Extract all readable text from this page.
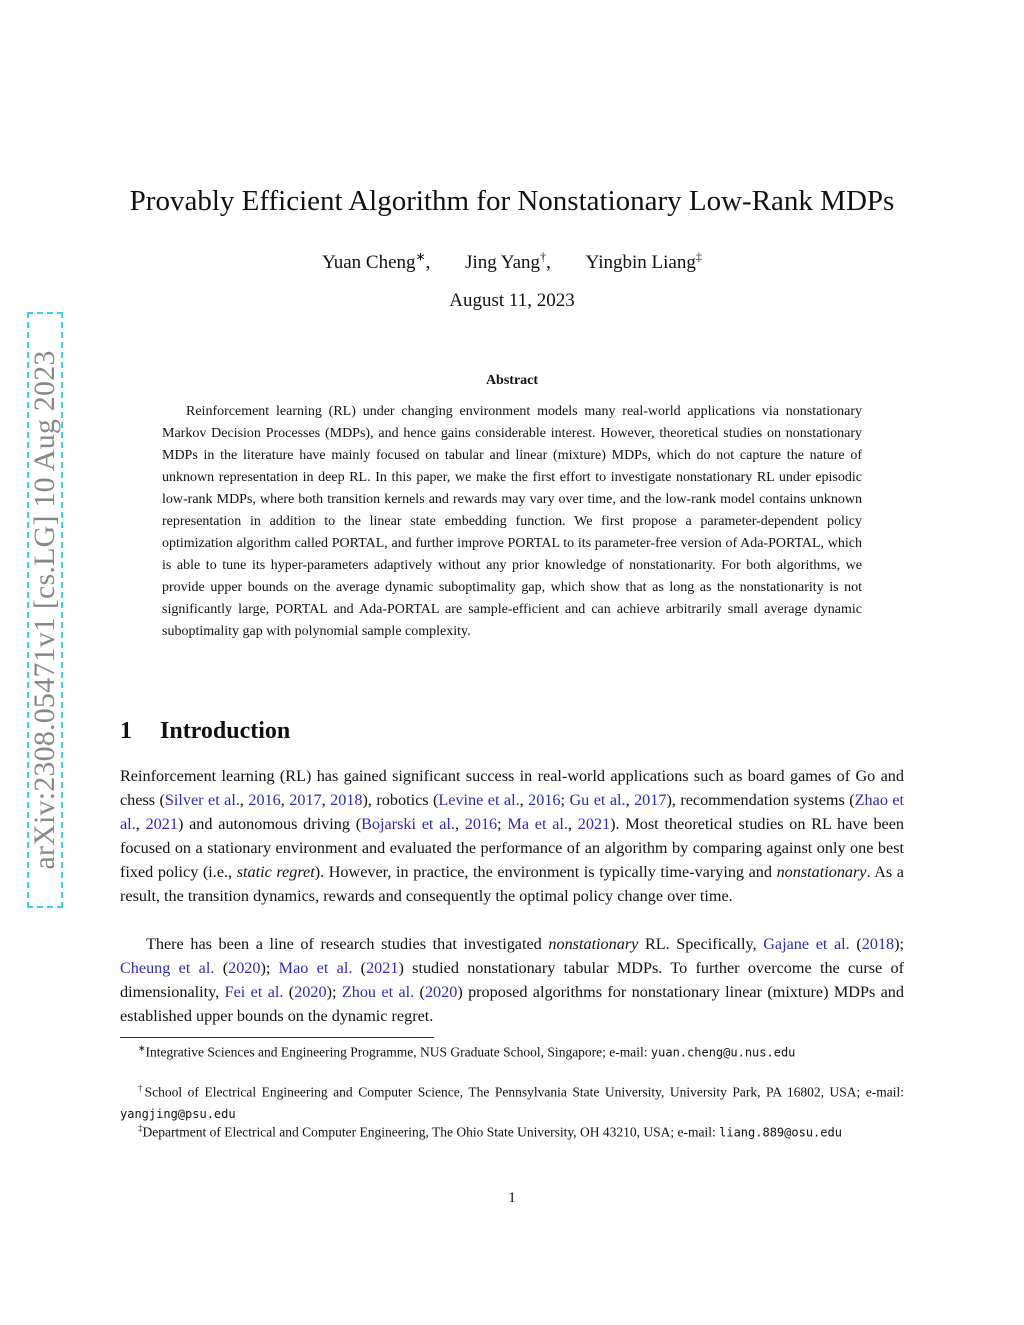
arXiv:2308.05471v1 [cs.LG] 10 Aug 2023
Provably Efficient Algorithm for Nonstationary Low-Rank MDPs
Yuan Cheng∗, Jing Yang†, Yingbin Liang‡
August 11, 2023
Abstract

Reinforcement learning (RL) under changing environment models many real-world applications via nonstationary Markov Decision Processes (MDPs), and hence gains considerable interest. However, theoretical studies on nonstationary MDPs in the literature have mainly focused on tabular and linear (mixture) MDPs, which do not capture the nature of unknown representation in deep RL. In this paper, we make the first effort to investigate nonstationary RL under episodic low-rank MDPs, where both transition kernels and rewards may vary over time, and the low-rank model contains unknown representation in addition to the linear state embedding function. We first propose a parameter-dependent policy optimization algorithm called PORTAL, and further improve PORTAL to its parameter-free version of Ada-PORTAL, which is able to tune its hyper-parameters adaptively without any prior knowledge of nonstationarity. For both algorithms, we provide upper bounds on the average dynamic suboptimality gap, which show that as long as the nonstationarity is not significantly large, PORTAL and Ada-PORTAL are sample-efficient and can achieve arbitrarily small average dynamic suboptimality gap with polynomial sample complexity.

1 Introduction

Reinforcement learning (RL) has gained significant success in real-world applications such as board games of Go and chess (Silver et al., 2016, 2017, 2018), robotics (Levine et al., 2016; Gu et al., 2017), recommendation systems (Zhao et al., 2021) and autonomous driving (Bojarski et al., 2016; Ma et al., 2021). Most theoretical studies on RL have been focused on a stationary environment and evaluated the performance of an algorithm by comparing against only one best fixed policy (i.e., static regret). However, in practice, the environment is typically time-varying and nonstationary. As a result, the transition dynamics, rewards and consequently the optimal policy change over time.

There has been a line of research studies that investigated nonstationary RL. Specifically, Gajane et al. (2018); Cheung et al. (2020); Mao et al. (2021) studied nonstationary tabular MDPs. To further overcome the curse of dimensionality, Fei et al. (2020); Zhou et al. (2020) proposed algorithms for nonstationary linear (mixture) MDPs and established upper bounds on the dynamic regret.

∗Integrative Sciences and Engineering Programme, NUS Graduate School, Singapore; e-mail: yuan.cheng@u.nus.edu

†School of Electrical Engineering and Computer Science, The Pennsylvania State University, University Park, PA 16802, USA; e-mail: yangjing@psu.edu

‡Department of Electrical and Computer Engineering, The Ohio State University, OH 43210, USA; e-mail: liang.889@osu.edu

1
